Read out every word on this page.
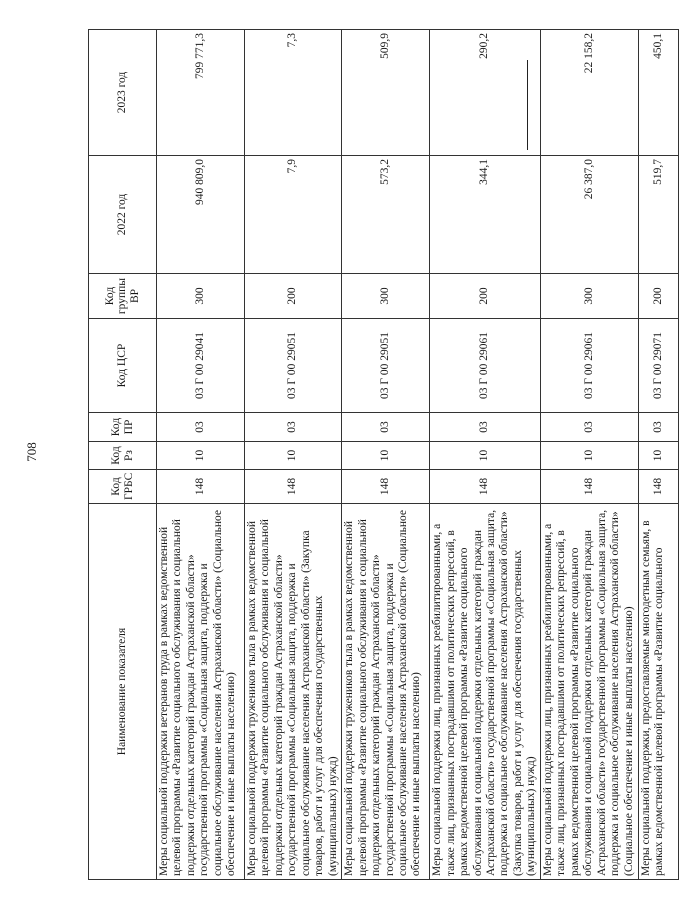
708
Наименование показателя	Код ГРБС	Код Рз	Код ПР	Код ЦСР	Код группы ВР	2022 год	2023 год
Меры социальной поддержки ветеранов труда в рамках ведомственной целевой программы «Развитие социального обслуживания и социальной поддержки отдельных категорий граждан Астраханской области» государственной программы «Социальная защита, поддержка и социальное обслуживание населения Астраханской области» (Социальное обеспечение и иные выплаты населению)	148	10	03	03 Г 00 29041	300	940 809,0	799 771,3
Меры социальной поддержки тружеников тыла в рамках ведомственной целевой программы «Развитие социального обслуживания и социальной поддержки отдельных категорий граждан Астраханской области» государственной программы «Социальная защита, поддержка и социальное обслуживание населения Астраханской области» (Закупка товаров, работ и услуг для обеспечения государственных (муниципальных) нужд)	148	10	03	03 Г 00 29051	200	7,9	7,3
Меры социальной поддержки тружеников тыла в рамках ведомственной целевой программы «Развитие социального обслуживания и социальной поддержки отдельных категорий граждан Астраханской области» государственной программы «Социальная защита, поддержка и социальное обслуживание населения Астраханской области» (Социальное обеспечение и иные выплаты населению)	148	10	03	03 Г 00 29051	300	573,2	509,9
Меры социальной поддержки лиц, признанных реабилитированными, а также лиц, признанных пострадавшими от политических репрессий, в рамках ведомственной целевой программы «Развитие социального обслуживания и социальной поддержки отдельных категорий граждан Астраханской области» государственной программы «Социальная защита, поддержка и социальное обслуживание населения Астраханской области» (Закупка товаров, работ и услуг для обеспечения государственных (муниципальных) нужд)	148	10	03	03 Г 00 29061	200	344,1	290,2
Меры социальной поддержки лиц, признанных реабилитированными, а также лиц, признанных пострадавшими от политических репрессий, в рамках ведомственной целевой программы «Развитие социального обслуживания и социальной поддержки отдельных категорий граждан Астраханской области» государственной программы «Социальная защита, поддержка и социальное обслуживание населения Астраханской области» (Социальное обеспечение и иные выплаты населению)	148	10	03	03 Г 00 29061	300	26 387,0	22 158,2
Меры социальной поддержки, предоставляемые многодетным семьям, в рамках ведомственной целевой программы «Развитие социального	148	10	03	03 Г 00 29071	200	519,7	450,1
